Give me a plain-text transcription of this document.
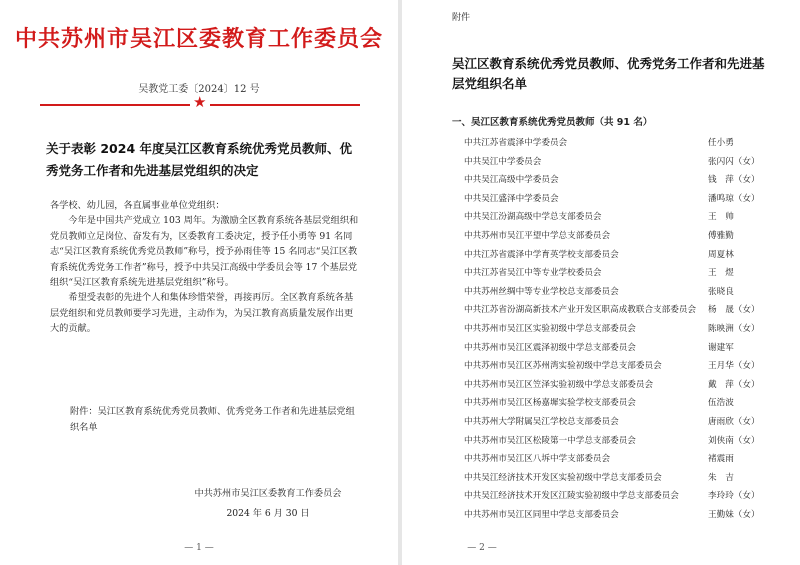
中共苏州市吴江区委教育工作委员会
吴教党工委〔2024〕12 号
★
关于表彰 2024 年度吴江区教育系统优秀党员教师、优秀党务工作者和先进基层党组织的决定

各学校、幼儿园，各直属事业单位党组织：

今年是中国共产党成立 103 周年。为激励全区教育系统各基层党组织和党员教师立足岗位、奋发有为，区委教育工委决定，授予任小勇等 91 名同志“吴江区教育系统优秀党员教师”称号，授予孙雨佳等 15 名同志“吴江区教育系统优秀党务工作者”称号，授予中共吴江高级中学委员会等 17 个基层党组织“吴江区教育系统先进基层党组织”称号。

希望受表彰的先进个人和集体珍惜荣誉，再接再厉。全区教育系统各基层党组织和党员教师要学习先进，主动作为，为吴江教育高质量发展作出更大的贡献。

附件：吴江区教育系统优秀党员教师、优秀党务工作者和先进基层党组织名单
中共苏州市吴江区委教育工作委员会
2024 年 6 月 30 日
— 1 —
附件
吴江区教育系统优秀党员教师、优秀党务工作者和先进基层党组织名单
一、吴江区教育系统优秀党员教师（共 91 名）
中共江苏省震泽中学委员会	任小勇
中共吴江中学委员会	张闪闪（女）
中共吴江高级中学委员会	钱　萍（女）
中共吴江盛泽中学委员会	潘鸣琼（女）
中共吴江汾湖高级中学总支部委员会	王　帅
中共苏州市吴江平望中学总支部委员会	傅雅勤
中共江苏省震泽中学育英学校支部委员会	周夏林
中共江苏省吴江中等专业学校委员会	王　煜
中共苏州丝绸中等专业学校总支部委员会	张晓良
中共江苏省汾湖高新技术产业开发区职高成教联合支部委员会 杨　晟（女）
中共苏州市吴江区实验初级中学总支部委员会	陈映洲（女）
中共苏州市吴江区震泽初级中学总支部委员会	谢建军
中共苏州市吴江区苏州湾实验初级中学总支部委员会	王月华（女）
中共苏州市吴江区笠泽实验初级中学总支部委员会	戴　萍（女）
中共苏州市吴江区杨嘉墀实验学校支部委员会	伍浩波
中共苏州大学附属吴江学校总支部委员会	唐雨欣（女）
中共苏州市吴江区松陵第一中学总支部委员会	刘侠南（女）
中共苏州市吴江区八坼中学支部委员会	褚震雨
中共吴江经济技术开发区实验初级中学总支部委员会	朱　吉
中共吴江经济技术开发区江陵实验初级中学总支部委员会	李玲玲（女）
中共苏州市吴江区同里中学总支部委员会	王勤妹（女）
— 2 —
